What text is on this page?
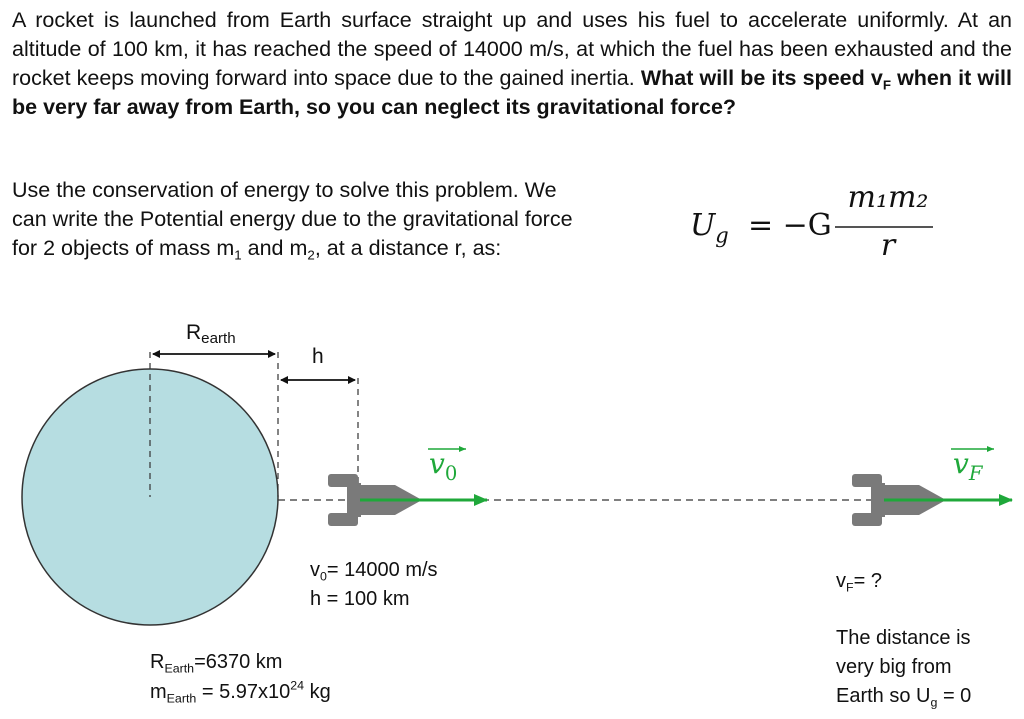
A rocket is launched from Earth surface straight up and uses his fuel to accelerate uniformly. At an altitude of 100 km, it has reached the speed of 14000 m/s, at which the fuel has been exhausted and the rocket keeps moving forward into space due to the gained inertia. What will be its speed $v_F$ when it will be very far away from Earth, so you can neglect its gravitational force?
Use the conservation of energy to solve this problem. We
can write the Potential energy due to the gravitational force
for 2 objects of mass $m_1$ and $m_2$, at a distance r, as:
$U_g = -G$
m₁m₂
r
$R_{earth}$
h
$v_0$	$v_F$
$v_0= 14000$ m/s
h = 100 km
$v_F=$ ?
The distance is
very big from
Earth so $U_g = 0$
$R_{Earth}=6370$ km
$m_{Earth} = 5.97x10^{24}$ kg
